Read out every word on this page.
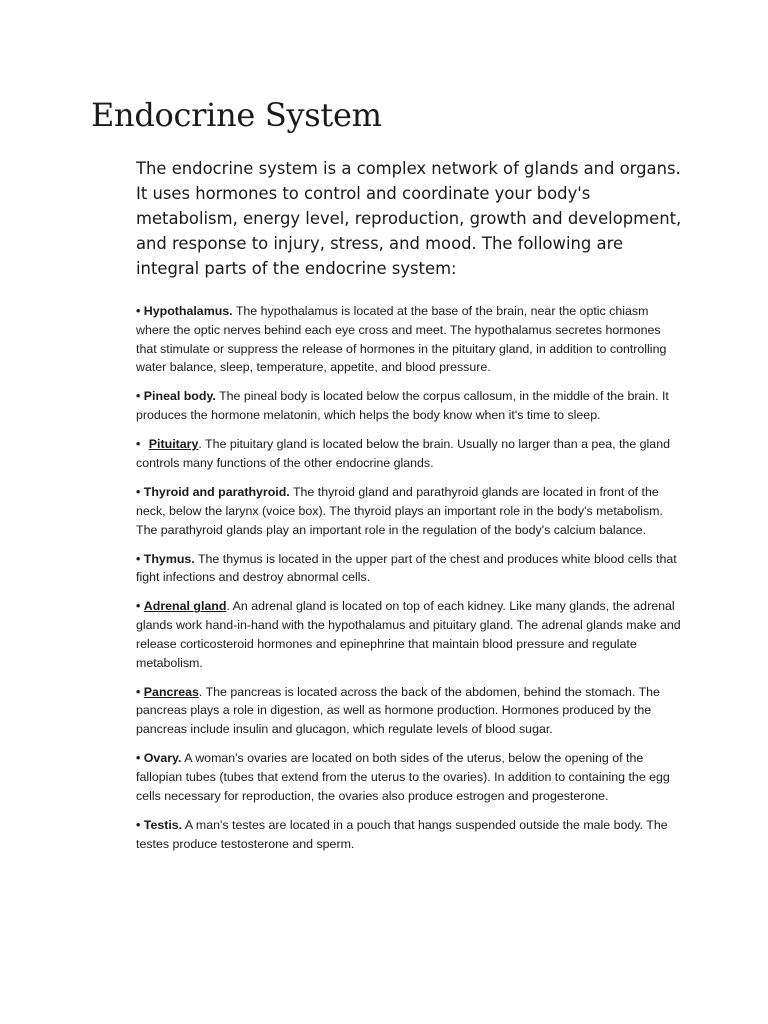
Endocrine System

The endocrine system is a complex network of glands and organs. It uses hormones to control and coordinate your body's metabolism, energy level, reproduction, growth and development, and response to injury, stress, and mood. The following are integral parts of the endocrine system:

• Hypothalamus. The hypothalamus is located at the base of the brain, near the optic chiasm where the optic nerves behind each eye cross and meet. The hypothalamus secretes hormones that stimulate or suppress the release of hormones in the pituitary gland, in addition to controlling water balance, sleep, temperature, appetite, and blood pressure.
• Pineal body. The pineal body is located below the corpus callosum, in the middle of the brain. It produces the hormone melatonin, which helps the body know when it's time to sleep.
• Pituitary. The pituitary gland is located below the brain. Usually no larger than a pea, the gland controls many functions of the other endocrine glands.
• Thyroid and parathyroid. The thyroid gland and parathyroid glands are located in front of the neck, below the larynx (voice box). The thyroid plays an important role in the body's metabolism. The parathyroid glands play an important role in the regulation of the body's calcium balance.
• Thymus. The thymus is located in the upper part of the chest and produces white blood cells that fight infections and destroy abnormal cells.
• Adrenal gland. An adrenal gland is located on top of each kidney. Like many glands, the adrenal glands work hand-in-hand with the hypothalamus and pituitary gland. The adrenal glands make and release corticosteroid hormones and epinephrine that maintain blood pressure and regulate metabolism.
• Pancreas. The pancreas is located across the back of the abdomen, behind the stomach. The pancreas plays a role in digestion, as well as hormone production. Hormones produced by the pancreas include insulin and glucagon, which regulate levels of blood sugar.
• Ovary. A woman's ovaries are located on both sides of the uterus, below the opening of the fallopian tubes (tubes that extend from the uterus to the ovaries). In addition to containing the egg cells necessary for reproduction, the ovaries also produce estrogen and progesterone.
• Testis. A man's testes are located in a pouch that hangs suspended outside the male body. The testes produce testosterone and sperm.
